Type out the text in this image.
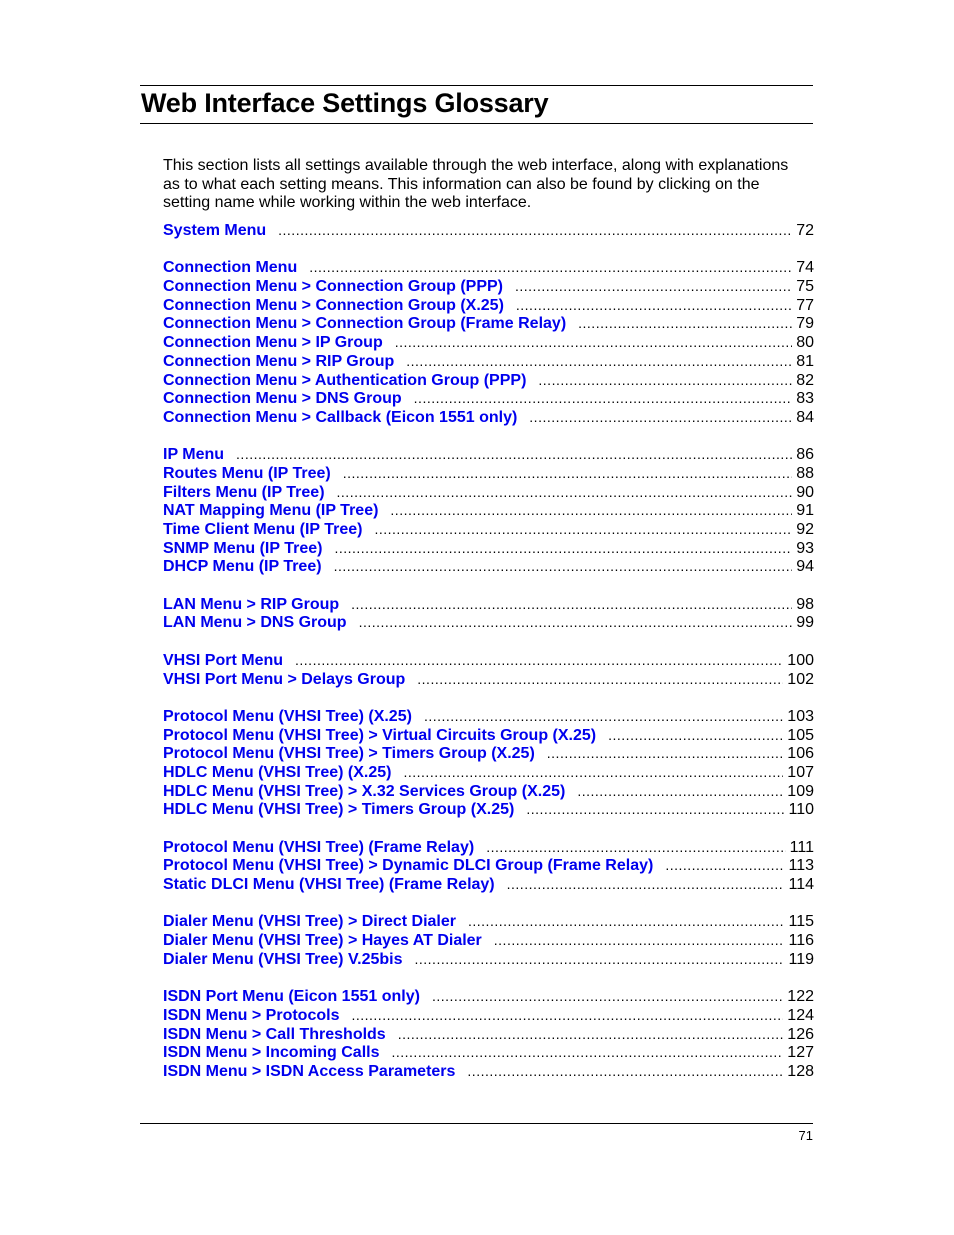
Web Interface Settings Glossary

This section lists all settings available through the web interface, along with explanations as to what each setting means. This information can also be found by clicking on the setting name while working within the web interface.

System Menu .....	72
Connection Menu .....	74
Connection Menu > Connection Group (PPP) .....	75
Connection Menu > Connection Group (X.25) .....	77
Connection Menu > Connection Group (Frame Relay) .....	79
Connection Menu > IP Group .....	80
Connection Menu > RIP Group .....	81
Connection Menu > Authentication Group (PPP) .....	82
Connection Menu > DNS Group .....	83
Connection Menu > Callback (Eicon 1551 only) .....	84
IP Menu .....	86
Routes Menu (IP Tree) .....	88
Filters Menu (IP Tree) .....	90
NAT Mapping Menu (IP Tree) .....	91
Time Client Menu (IP Tree) .....	92
SNMP Menu (IP Tree) .....	93
DHCP Menu (IP Tree) .....	94
LAN Menu > RIP Group .....	98
LAN Menu > DNS Group .....	99
VHSI Port Menu .....	100
VHSI Port Menu > Delays Group .....	102
Protocol Menu (VHSI Tree) (X.25) .....	103
Protocol Menu (VHSI Tree) > Virtual Circuits Group (X.25) .....	105
Protocol Menu (VHSI Tree) > Timers Group (X.25) .....	106
HDLC Menu (VHSI Tree) (X.25) .....	107
HDLC Menu (VHSI Tree) > X.32 Services Group (X.25) .....	109
HDLC Menu (VHSI Tree) > Timers Group (X.25) .....	110
Protocol Menu (VHSI Tree) (Frame Relay) .....	111
Protocol Menu (VHSI Tree) > Dynamic DLCI Group (Frame Relay) .....	113
Static DLCI Menu (VHSI Tree) (Frame Relay) .....	114
Dialer Menu (VHSI Tree) > Direct Dialer .....	115
Dialer Menu (VHSI Tree) > Hayes AT Dialer .....	116
Dialer Menu (VHSI Tree) V.25bis .....	119
ISDN Port Menu (Eicon 1551 only) .....	122
ISDN Menu > Protocols .....	124
ISDN Menu > Call Thresholds .....	126
ISDN Menu > Incoming Calls .....	127
ISDN Menu > ISDN Access Parameters .....	128
71
